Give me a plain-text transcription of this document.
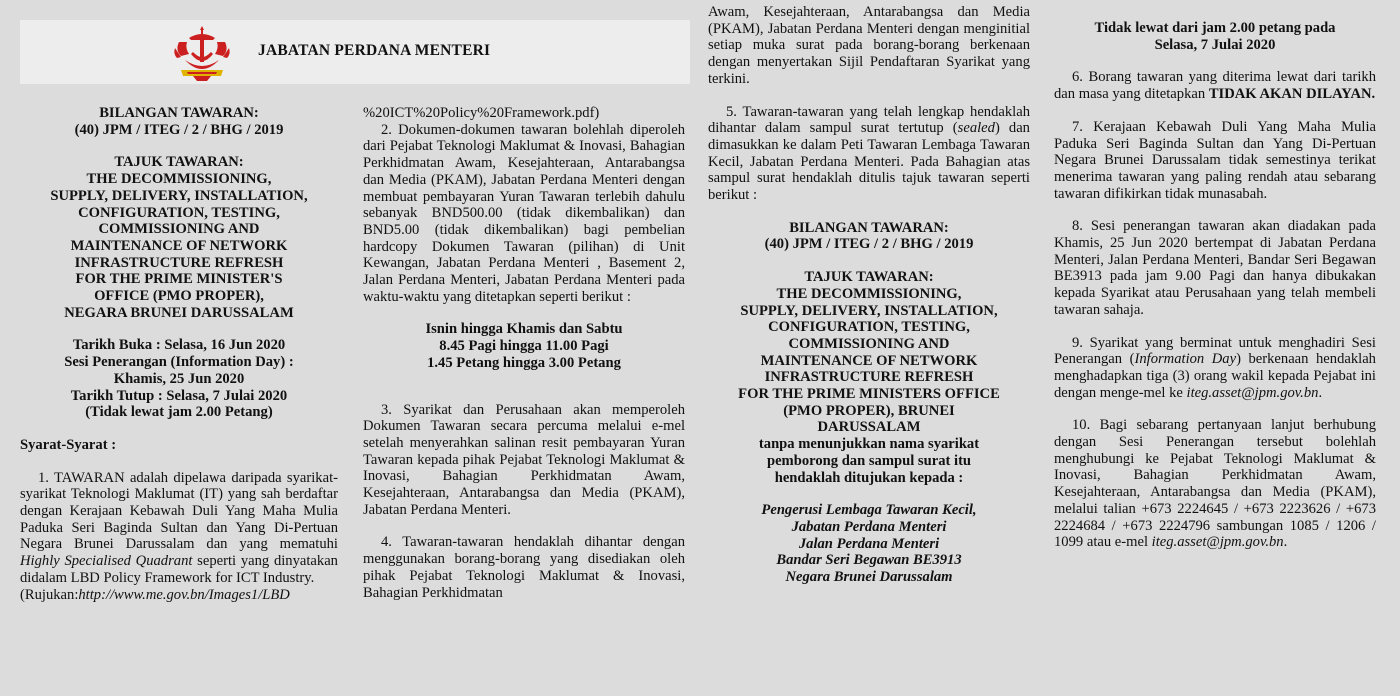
JABATAN PERDANA MENTERI
BILANGAN TAWARAN:
(40) JPM / ITEG / 2 / BHG / 2019
TAJUK TAWARAN:
THE DECOMMISSIONING,
SUPPLY, DELIVERY, INSTALLATION,
CONFIGURATION, TESTING,
COMMISSIONING AND
MAINTENANCE OF NETWORK
INFRASTRUCTURE REFRESH
FOR THE PRIME MINISTER'S
OFFICE (PMO PROPER),
NEGARA BRUNEI DARUSSALAM
Tarikh Buka : Selasa, 16 Jun 2020
Sesi Penerangan (Information Day) :
Khamis, 25 Jun 2020
Tarikh Tutup : Selasa, 7 Julai 2020
(Tidak lewat jam 2.00 Petang)
Syarat-Syarat :

1. TAWARAN adalah dipelawa daripada syarikat-syarikat Teknologi Maklumat (IT) yang sah berdaftar dengan Kerajaan Kebawah Duli Yang Maha Mulia Paduka Seri Baginda Sultan dan Yang Di-Pertuan Negara Brunei Darussalam dan yang mematuhi Highly Specialised Quadrant seperti yang dinyatakan didalam LBD Policy Framework for ICT Industry.

(Rujukan:http://www.me.gov.bn/Images1/LBD

%20ICT%20Policy%20Framework.pdf)

2. Dokumen-dokumen tawaran bolehlah diperoleh dari Pejabat Teknologi Maklumat & Inovasi, Bahagian Perkhidmatan Awam, Kesejahteraan, Antarabangsa dan Media (PKAM), Jabatan Perdana Menteri dengan membuat pembayaran Yuran Tawaran terlebih dahulu sebanyak BND500.00 (tidak dikembalikan) dan BND5.00 (tidak dikembalikan) bagi pembelian hardcopy Dokumen Tawaran (pilihan) di Unit Kewangan, Jabatan Perdana Menteri , Basement 2, Jalan Perdana Menteri, Jabatan Perdana Menteri pada waktu-waktu yang ditetapkan seperti berikut :

Isnin hingga Khamis dan Sabtu
8.45 Pagi hingga 11.00 Pagi
1.45 Petang hingga 3.00 Petang

3. Syarikat dan Perusahaan akan memperoleh Dokumen Tawaran secara percuma melalui e-mel setelah menyerahkan salinan resit pembayaran Yuran Tawaran kepada pihak Pejabat Teknologi Maklumat & Inovasi, Bahagian Perkhidmatan Awam, Kesejahteraan, Antarabangsa dan Media (PKAM), Jabatan Perdana Menteri.

4. Tawaran-tawaran hendaklah dihantar dengan menggunakan borang-borang yang disediakan oleh pihak Pejabat Teknologi Maklumat & Inovasi, Bahagian Perkhidmatan

Awam, Kesejahteraan, Antarabangsa dan Media (PKAM), Jabatan Perdana Menteri dengan menginitial setiap muka surat pada borang-borang berkenaan dengan menyertakan Sijil Pendaftaran Syarikat yang terkini.

5. Tawaran-tawaran yang telah lengkap hendaklah dihantar dalam sampul surat tertutup (sealed) dan dimasukkan ke dalam Peti Tawaran Lembaga Tawaran Kecil, Jabatan Perdana Menteri. Pada Bahagian atas sampul surat hendaklah ditulis tajuk tawaran seperti berikut :

BILANGAN TAWARAN:
(40) JPM / ITEG / 2 / BHG / 2019
TAJUK TAWARAN:
THE DECOMMISSIONING,
SUPPLY, DELIVERY, INSTALLATION,
CONFIGURATION, TESTING,
COMMISSIONING AND
MAINTENANCE OF NETWORK
INFRASTRUCTURE REFRESH
FOR THE PRIME MINISTERS OFFICE
(PMO PROPER), BRUNEI
DARUSSALAM
tanpa menunjukkan nama syarikat
pemborong dan sampul surat itu
hendaklah ditujukan kepada :
Pengerusi Lembaga Tawaran Kecil,
Jabatan Perdana Menteri
Jalan Perdana Menteri
Bandar Seri Begawan BE3913
Negara Brunei Darussalam
Tidak lewat dari jam 2.00 petang pada
Selasa, 7 Julai 2020

6. Borang tawaran yang diterima lewat dari tarikh dan masa yang ditetapkan TIDAK AKAN DILAYAN.

7. Kerajaan Kebawah Duli Yang Maha Mulia Paduka Seri Baginda Sultan dan Yang Di-Pertuan Negara Brunei Darussalam tidak semestinya terikat menerima tawaran yang paling rendah atau sebarang tawaran difikirkan tidak munasabah.

8. Sesi penerangan tawaran akan diadakan pada Khamis, 25 Jun 2020 bertempat di Jabatan Perdana Menteri, Jalan Perdana Menteri, Bandar Seri Begawan BE3913 pada jam 9.00 Pagi dan hanya dibukakan kepada Syarikat atau Perusahaan yang telah membeli tawaran sahaja.

9. Syarikat yang berminat untuk menghadiri Sesi Penerangan (Information Day) berkenaan hendaklah menghadapkan tiga (3) orang wakil kepada Pejabat ini dengan menge-mel ke iteg.asset@jpm.gov.bn.

10. Bagi sebarang pertanyaan lanjut berhubung dengan Sesi Penerangan tersebut bolehlah menghubungi ke Pejabat Teknologi Maklumat & Inovasi, Bahagian Perkhidmatan Awam, Kesejahteraan, Antarabangsa dan Media (PKAM), melalui talian +673 2224645 / +673 2223626 / +673 2224684 / +673 2224796 sambungan 1085 / 1206 / 1099 atau e-mel iteg.asset@jpm.gov.bn.
